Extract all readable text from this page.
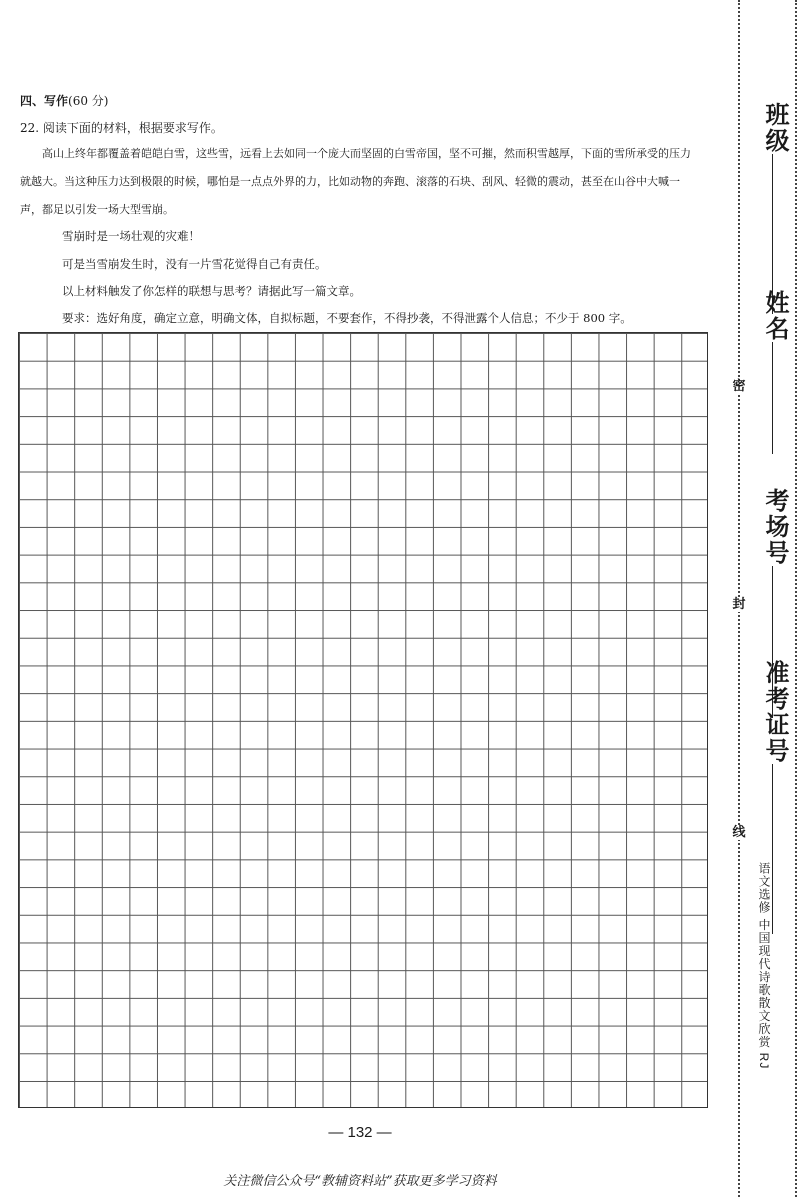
四、写作(60 分)
22. 阅读下面的材料，根据要求写作。

高山上终年都覆盖着皑皑白雪，这些雪，远看上去如同一个庞大而坚固的白雪帝国，坚不可摧，然而积雪越厚，下面的雪所承受的压力就越大。当这种压力达到极限的时候，哪怕是一点点外界的力，比如动物的奔跑、滚落的石块、刮风、轻微的震动，甚至在山谷中大喊一声，都足以引发一场大型雪崩。

雪崩时是一场壮观的灾难！
可是当雪崩发生时，没有一片雪花觉得自己有责任。
以上材料触发了你怎样的联想与思考？请据此写一篇文章。
要求：选好角度，确定立意，明确文体，自拟标题，不要套作，不得抄袭，不得泄露个人信息；不少于 800 字。
— 132 —
关注微信公众号“教辅资料站”获取更多学习资料
密
封
线
班级
姓名
考场号
准考证号
语文选修 中国现代诗歌散文欣赏 RJ
